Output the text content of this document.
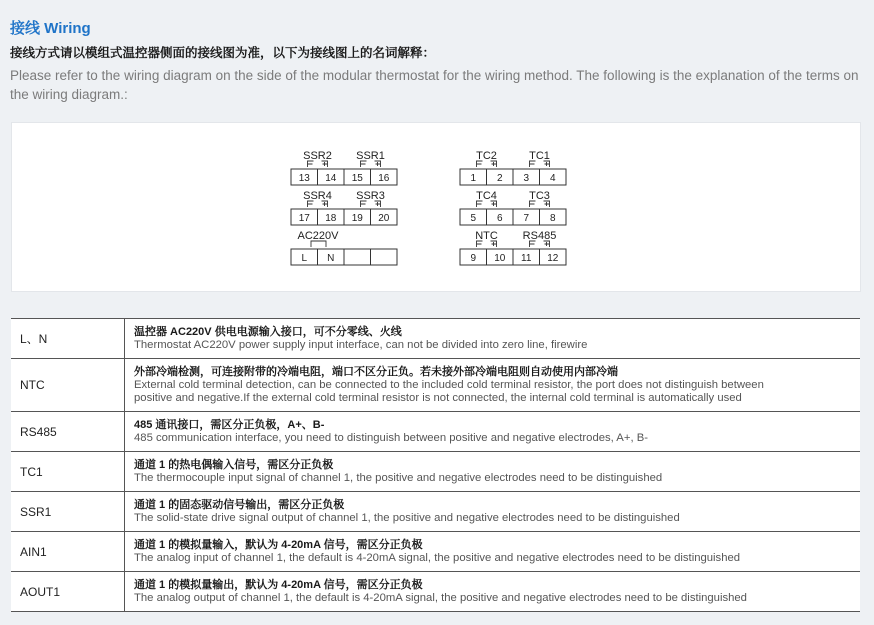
接线 Wiring

接线方式请以模组式温控器侧面的接线图为准，以下为接线图上的名词解释：

Please refer to the wiring diagram on the side of the modular thermostat for the wiring method. The following is the explanation of the terms on the wiring diagram.:

SSR2 SSR1
13 14 15 16
SSR4 SSR3
17 18 19 20
AC220V
L N
TC2	TC1
1 2 3 4
TC4	TC3
5 6 7 8
NTC RS485
9 10 11 12
L、N	温控器 AC220V 供电电源输入接口，可不分零线、火线
Thermostat AC220V power supply input interface, can not be divided into zero line, firewire

NTC	外部冷端检测，可连接附带的冷端电阻，端口不区分正负。若未接外部冷端电阻则自动使用内部冷端
External cold terminal detection, can be connected to the included cold terminal resistor, the port does not distinguish between
positive and negative.If the external cold terminal resistor is not connected, the internal cold terminal is automatically used

RS485	485 通讯接口，需区分正负极，A+、B-
485 communication interface, you need to distinguish between positive and negative electrodes, A+, B-

TC1	通道 1 的热电偶输入信号，需区分正负极
The thermocouple input signal of channel 1, the positive and negative electrodes need to be distinguished

SSR1	通道 1 的固态驱动信号输出，需区分正负极
The solid-state drive signal output of channel 1, the positive and negative electrodes need to be distinguished

AIN1	通道 1 的模拟量输入，默认为 4-20mA 信号，需区分正负极
The analog input of channel 1, the default is 4-20mA signal, the positive and negative electrodes need to be distinguished

AOUT1	通道 1 的模拟量输出，默认为 4-20mA 信号，需区分正负极
The analog output of channel 1, the default is 4-20mA signal, the positive and negative electrodes need to be distinguished
